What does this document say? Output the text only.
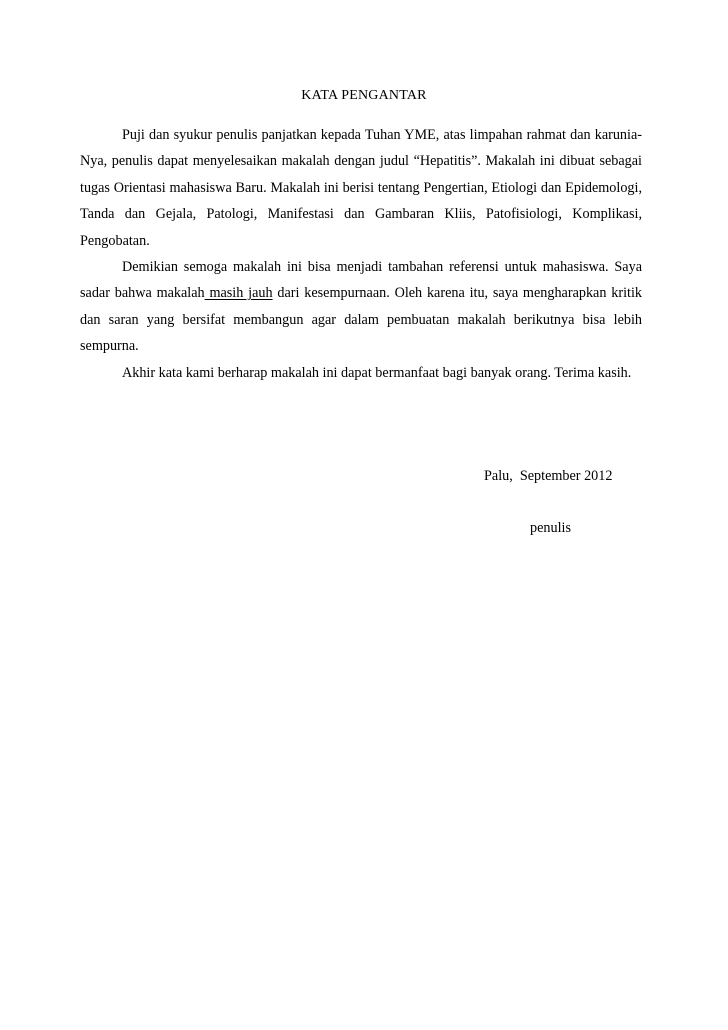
KATA PENGANTAR

Puji dan syukur penulis panjatkan kepada Tuhan YME, atas limpahan rahmat dan karunia-Nya, penulis dapat menyelesaikan makalah dengan judul “Hepatitis”. Makalah ini dibuat sebagai tugas Orientasi mahasiswa Baru. Makalah ini berisi tentang Pengertian, Etiologi dan Epidemologi, Tanda dan Gejala, Patologi, Manifestasi dan Gambaran Kliis, Patofisiologi, Komplikasi, Pengobatan.

Demikian semoga makalah ini bisa menjadi tambahan referensi untuk mahasiswa. Saya sadar bahwa makalah masih jauh dari kesempurnaan. Oleh karena itu, saya mengharapkan kritik dan saran yang bersifat membangun agar dalam pembuatan makalah berikutnya bisa lebih sempurna.

Akhir kata kami berharap makalah ini dapat bermanfaat bagi banyak orang. Terima kasih.

Palu,  September 2012
penulis
